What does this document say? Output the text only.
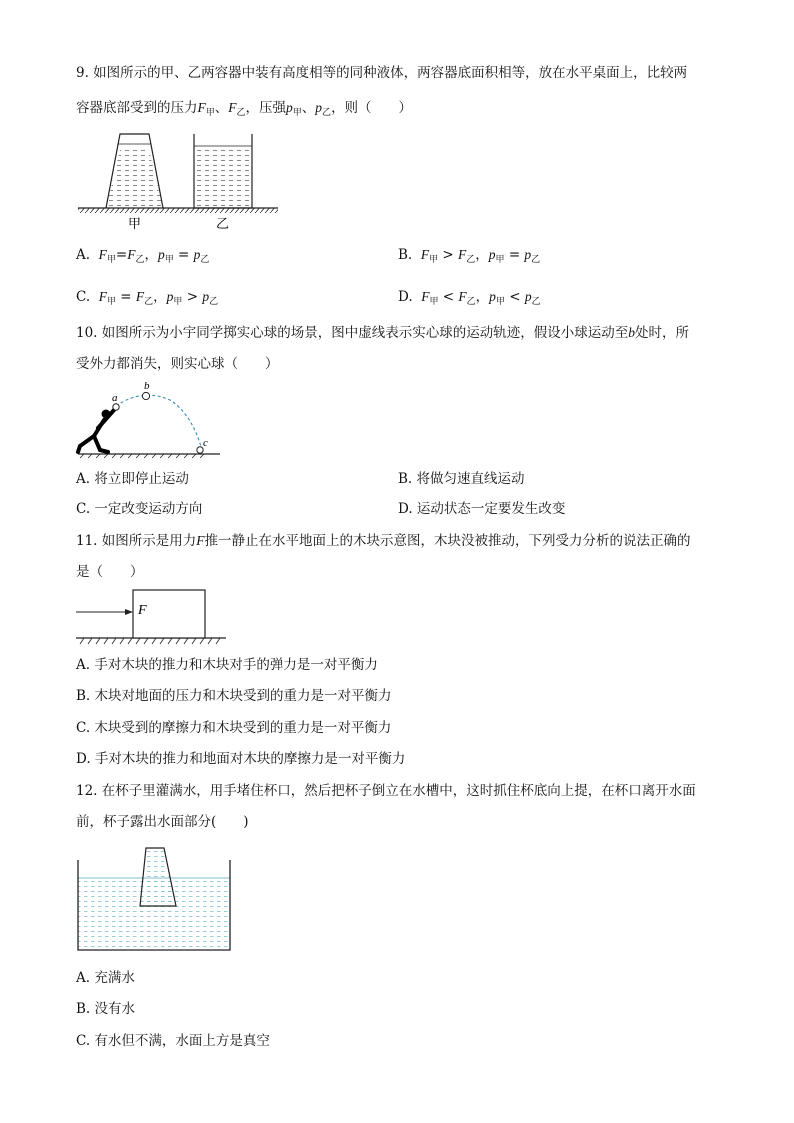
9. 如图所示的甲、乙两容器中装有高度相等的同种液体，两容器底面积相等，放在水平桌面上，比较两
容器底部受到的压力$F_甲$、$F_乙$，压强$p_甲$、$p_乙$，则（　　）
甲	乙
A. $F_甲=F_乙$，$p_甲 = p_乙$	B. $F_甲 > F_乙$，$p_甲 = p_乙$
C. $F_甲 = F_乙$，$p_甲 > p_乙$	D. $F_甲 < F_乙$，$p_甲 < p_乙$
10. 如图所示为小宇同学掷实心球的场景，图中虚线表示实心球的运动轨迹，假设小球运动至b处时，所
受外力都消失，则实心球（　　）
a
b
c
A. 将立即停止运动	B. 将做匀速直线运动
C. 一定改变运动方向	D. 运动状态一定要发生改变
11. 如图所示是用力F推一静止在水平地面上的木块示意图，木块没被推动，下列受力分析的说法正确的
是（　　）
F
A. 手对木块的推力和木块对手的弹力是一对平衡力
B. 木块对地面的压力和木块受到的重力是一对平衡力
C. 木块受到的摩擦力和木块受到的重力是一对平衡力
D. 手对木块的推力和地面对木块的摩擦力是一对平衡力
12. 在杯子里灌满水，用手堵住杯口，然后把杯子倒立在水槽中，这时抓住杯底向上提，在杯口离开水面
前，杯子露出水面部分(　　)
A. 充满水
B. 没有水
C. 有水但不满，水面上方是真空
